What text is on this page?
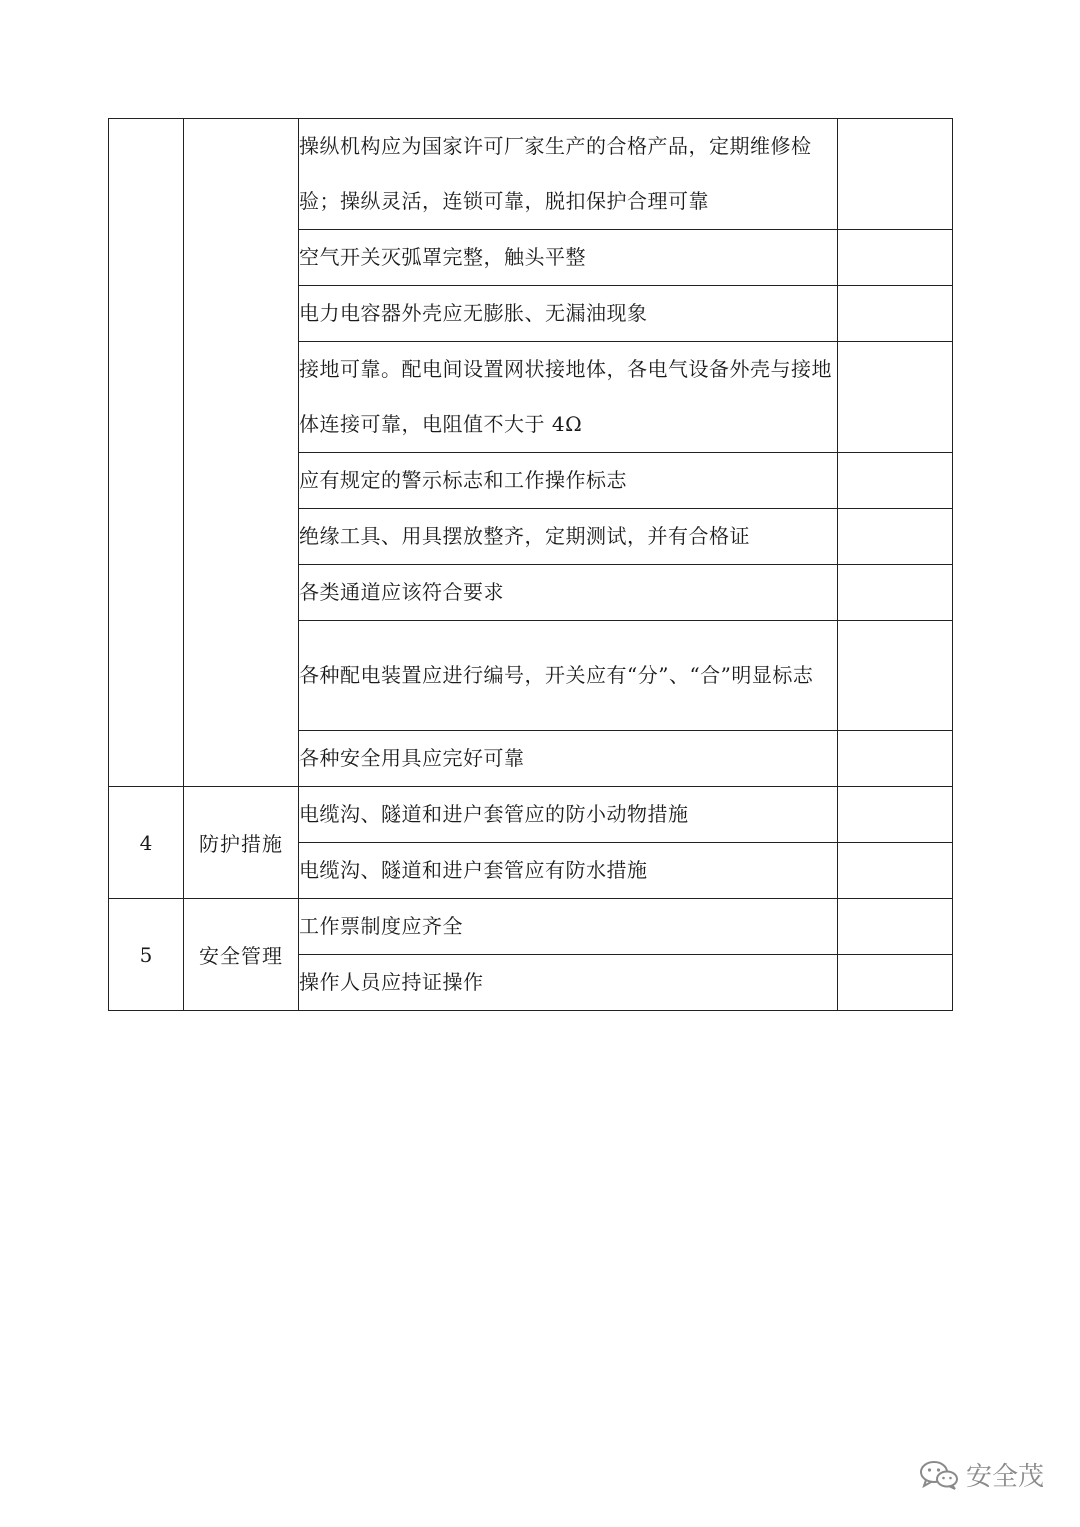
		操纵机构应为国家许可厂家生产的合格产品，定期维修检验；操纵灵活，连锁可靠，脱扣保护合理可靠	
		空气开关灭弧罩完整，触头平整	
		电力电容器外壳应无膨胀、无漏油现象	
		接地可靠。配电间设置网状接地体，各电气设备外壳与接地体连接可靠，电阻值不大于 4Ω	
		应有规定的警示标志和工作操作标志	
		绝缘工具、用具摆放整齐，定期测试，并有合格证	
		各类通道应该符合要求	
		各种配电装置应进行编号，开关应有“分”、“合”明显标志	
		各种安全用具应完好可靠	
4	防护措施	电缆沟、隧道和进户套管应的防小动物措施	
		电缆沟、隧道和进户套管应有防水措施	
5	安全管理	工作票制度应齐全	
		操作人员应持证操作	
安全茂
